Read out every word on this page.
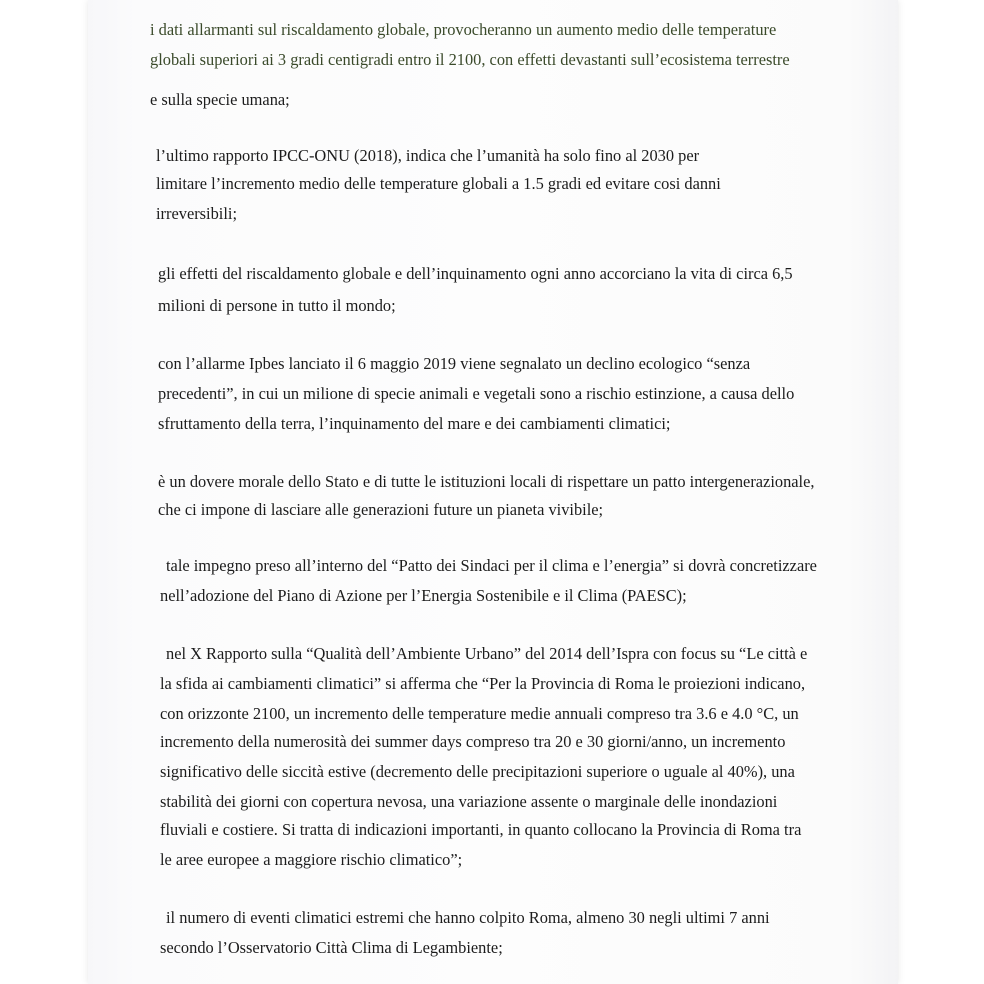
i dati allarmanti sul riscaldamento globale, provocheranno un aumento medio delle temperature

globali superiori ai 3 gradi centigradi entro il 2100, con effetti devastanti sull’ecosistema terrestre

e sulla specie umana;

l’ultimo rapporto IPCC-ONU (2018), indica che l’umanità ha solo fino al 2030 per

limitare l’incremento medio delle temperature globali a 1.5 gradi ed evitare cosi danni

irreversibili;

gli effetti del riscaldamento globale e dell’inquinamento ogni anno accorciano la vita di circa 6,5

milioni di persone in tutto il mondo;

con l’allarme Ipbes lanciato il 6 maggio 2019 viene segnalato un declino ecologico “senza

precedenti”, in cui un milione di specie animali e vegetali sono a rischio estinzione, a causa dello

sfruttamento della terra, l’inquinamento del mare e dei cambiamenti climatici;

è un dovere morale dello Stato e di tutte le istituzioni locali di rispettare un patto intergenerazionale,

che ci impone di lasciare alle generazioni future un pianeta vivibile;

tale impegno preso all’interno del “Patto dei Sindaci per il clima e l’energia” si dovrà concretizzare

nell’adozione del Piano di Azione per l’Energia Sostenibile e il Clima (PAESC);

nel X Rapporto sulla “Qualità dell’Ambiente Urbano” del 2014 dell’Ispra con focus su “Le città e

la sfida ai cambiamenti climatici” si afferma che “Per la Provincia di Roma le proiezioni indicano,

con orizzonte 2100, un incremento delle temperature medie annuali compreso tra 3.6 e 4.0 °C, un

incremento della numerosità dei summer days compreso tra 20 e 30 giorni/anno, un incremento

significativo delle siccità estive (decremento delle precipitazioni superiore o uguale al 40%), una

stabilità dei giorni con copertura nevosa, una variazione assente o marginale delle inondazioni

fluviali e costiere. Si tratta di indicazioni importanti, in quanto collocano la Provincia di Roma tra

le aree europee a maggiore rischio climatico”;

il numero di eventi climatici estremi che hanno colpito Roma, almeno 30 negli ultimi 7 anni

secondo l’Osservatorio Città Clima di Legambiente;
